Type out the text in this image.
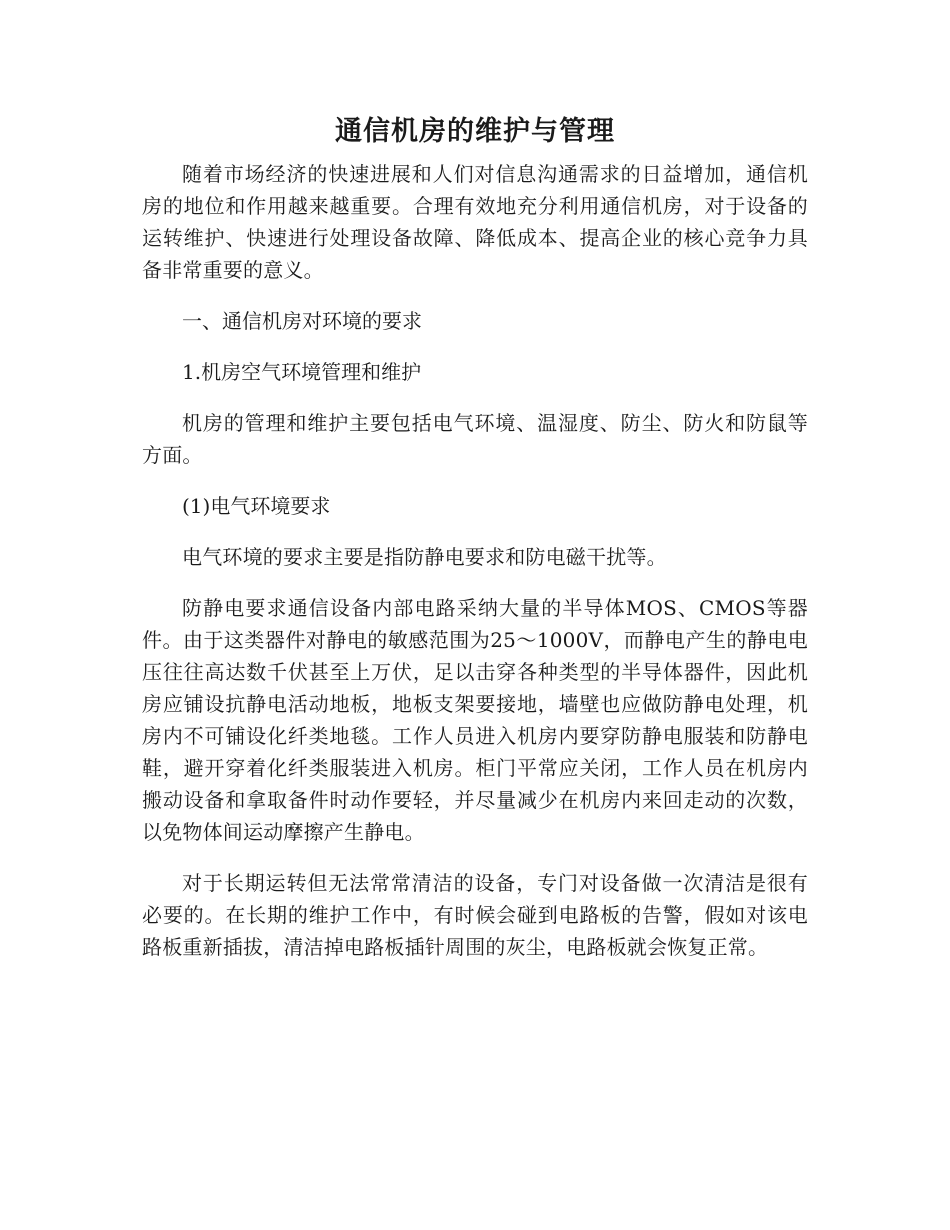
通信机房的维护与管理

随着市场经济的快速进展和人们对信息沟通需求的日益增加，通信机房的地位和作用越来越重要。合理有效地充分利用通信机房，对于设备的运转维护、快速进行处理设备故障、降低成本、提高企业的核心竞争力具备非常重要的意义。

一、通信机房对环境的要求

1.机房空气环境管理和维护

机房的管理和维护主要包括电气环境、温湿度、防尘、防火和防鼠等方面。

(1)电气环境要求

电气环境的要求主要是指防静电要求和防电磁干扰等。

防静电要求通信设备内部电路采纳大量的半导体MOS、CMOS等器件。由于这类器件对静电的敏感范围为25～1000V，而静电产生的静电电压往往高达数千伏甚至上万伏，足以击穿各种类型的半导体器件，因此机房应铺设抗静电活动地板，地板支架要接地，墙壁也应做防静电处理，机房内不可铺设化纤类地毯。工作人员进入机房内要穿防静电服装和防静电鞋，避开穿着化纤类服装进入机房。柜门平常应关闭，工作人员在机房内搬动设备和拿取备件时动作要轻，并尽量减少在机房内来回走动的次数，以免物体间运动摩擦产生静电。

对于长期运转但无法常常清洁的设备，专门对设备做一次清洁是很有必要的。在长期的维护工作中，有时候会碰到电路板的告警，假如对该电路板重新插拔，清洁掉电路板插针周围的灰尘，电路板就会恢复正常。
